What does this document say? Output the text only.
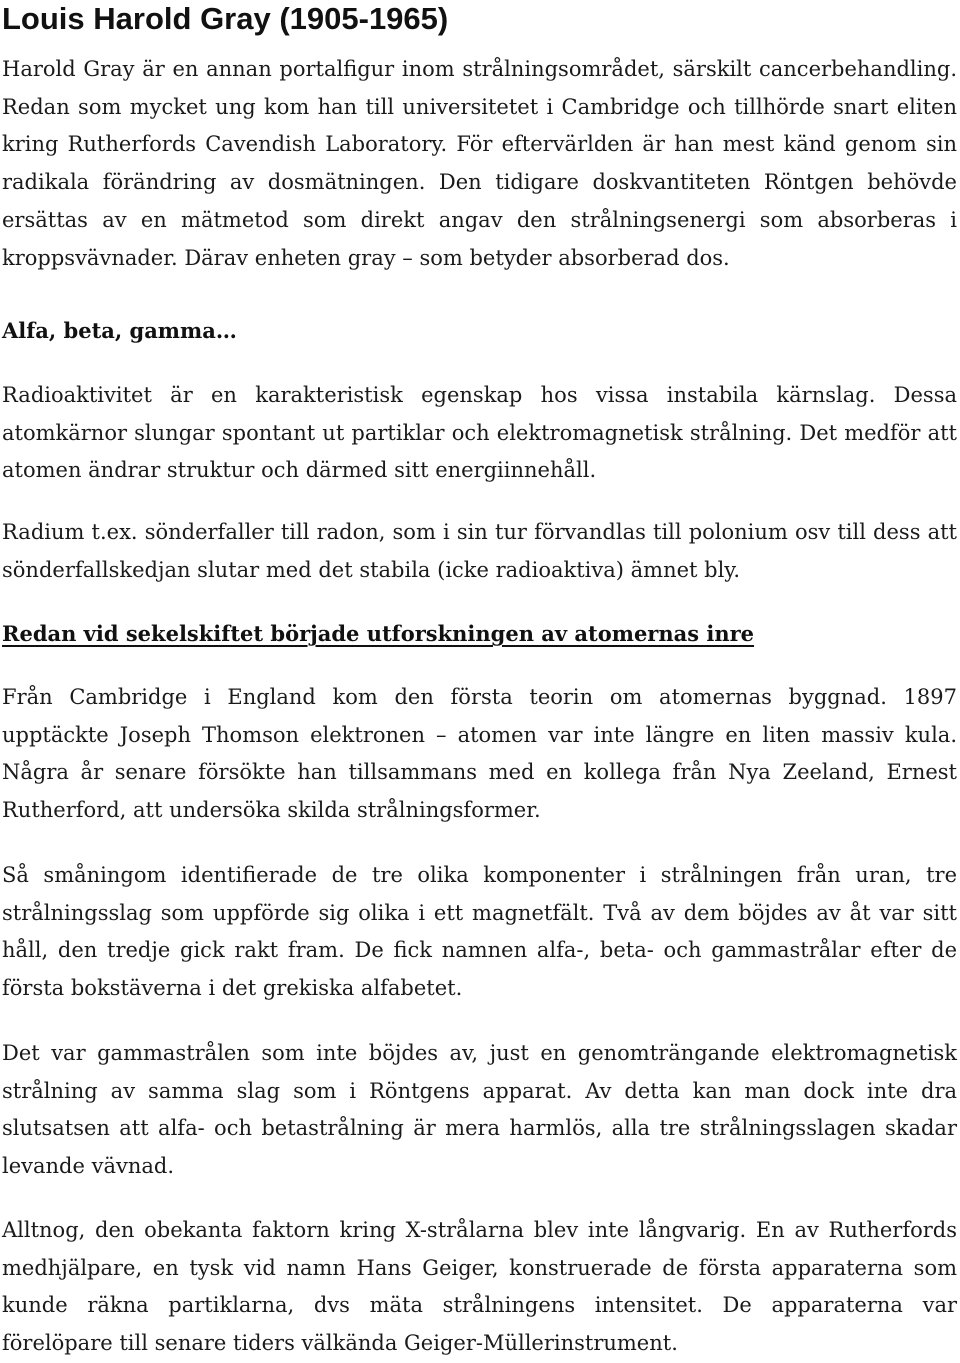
Louis Harold Gray (1905-1965)

Harold Gray är en annan portalfigur inom strålningsområdet, särskilt cancerbehandling. Redan som mycket ung kom han till universitetet i Cambridge och tillhörde snart eliten kring Rutherfords Cavendish Laboratory. För eftervärlden är han mest känd genom sin radikala förändring av dosmätningen. Den tidigare doskvantiteten Röntgen behövde ersättas av en mätmetod som direkt angav den strålningsenergi som absorberas i kroppsvävnader. Därav enheten gray – som betyder absorberad dos.

Alfa, beta, gamma…

Radioaktivitet är en karakteristisk egenskap hos vissa instabila kärnslag. Dessa atomkärnor slungar spontant ut partiklar och elektromagnetisk strålning. Det medför att atomen ändrar struktur och därmed sitt energiinnehåll.

Radium t.ex. sönderfaller till radon, som i sin tur förvandlas till polonium osv till dess att sönderfallskedjan slutar med det stabila (icke radioaktiva) ämnet bly.

Redan vid sekelskiftet började utforskningen av atomernas inre

Från Cambridge i England kom den första teorin om atomernas byggnad. 1897 upptäckte Joseph Thomson elektronen – atomen var inte längre en liten massiv kula. Några år senare försökte han tillsammans med en kollega från Nya Zeeland, Ernest Rutherford, att undersöka skilda strålningsformer.

Så småningom identifierade de tre olika komponenter i strålningen från uran, tre strålningsslag som uppförde sig olika i ett magnetfält. Två av dem böjdes av åt var sitt håll, den tredje gick rakt fram. De fick namnen alfa-, beta- och gammastrålar efter de första bokstäverna i det grekiska alfabetet.

Det var gammastrålen som inte böjdes av, just en genomträngande elektromagnetisk strålning av samma slag som i Röntgens apparat. Av detta kan man dock inte dra slutsatsen att alfa- och betastrålning är mera harmlös, alla tre strålningsslagen skadar levande vävnad.

Alltnog, den obekanta faktorn kring X-strålarna blev inte långvarig. En av Rutherfords medhjälpare, en tysk vid namn Hans Geiger, konstruerade de första apparaterna som kunde räkna partiklarna, dvs mäta strålningens intensitet. De apparaterna var förelöpare till senare tiders välkända Geiger-Müllerinstrument.
